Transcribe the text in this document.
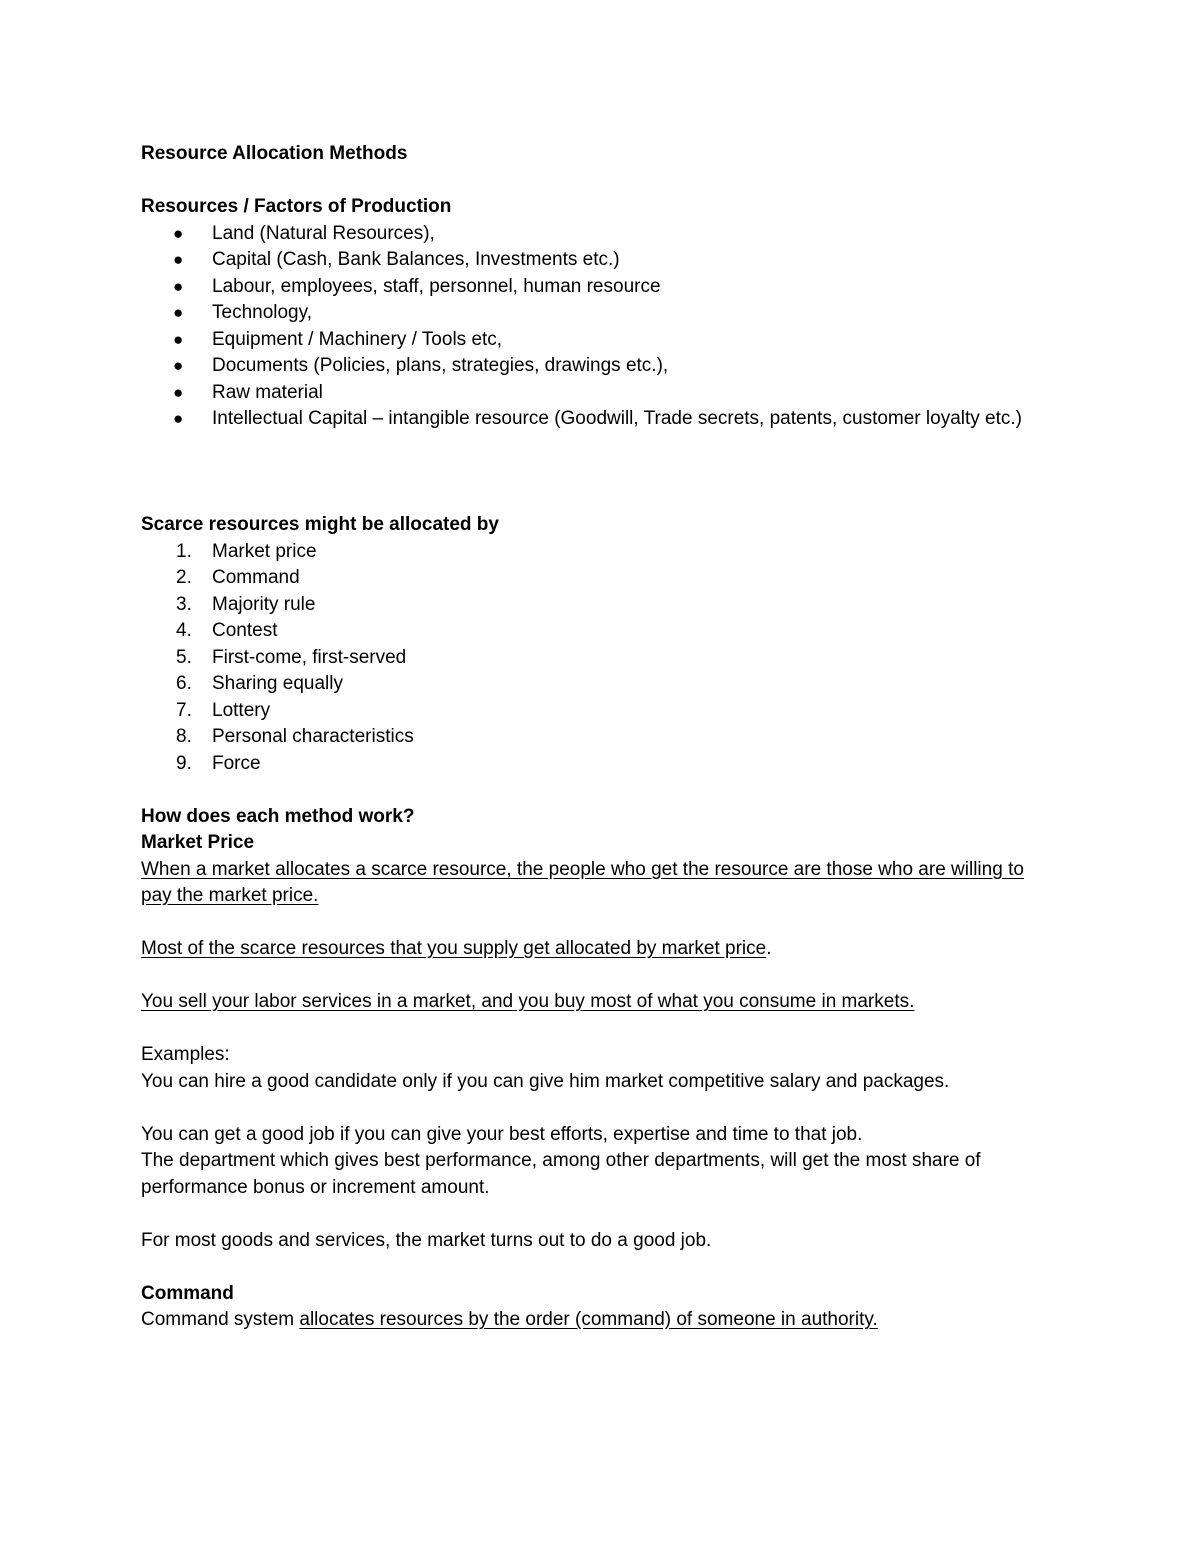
Resource Allocation Methods

Resources / Factors of Production

● Land (Natural Resources),
● Capital (Cash, Bank Balances, Investments etc.)
● Labour, employees, staff, personnel, human resource
● Technology,
● Equipment / Machinery / Tools etc,
● Documents (Policies, plans, strategies, drawings etc.),
● Raw material
● Intellectual Capital – intangible resource (Goodwill, Trade secrets, patents, customer loyalty etc.)

Scarce resources might be allocated by

1. Market price
2. Command
3. Majority rule
4. Contest
5. First-come, first-served
6. Sharing equally
7. Lottery
8. Personal characteristics
9. Force

How does each method work?

Market Price

When a market allocates a scarce resource, the people who get the resource are those who are willing to pay the market price.

Most of the scarce resources that you supply get allocated by market price.

You sell your labor services in a market, and you buy most of what you consume in markets.

Examples:

You can hire a good candidate only if you can give him market competitive salary and packages.

You can get a good job if you can give your best efforts, expertise and time to that job.

The department which gives best performance, among other departments, will get the most share of performance bonus or increment amount.

For most goods and services, the market turns out to do a good job.

Command

Command system allocates resources by the order (command) of someone in authority.
